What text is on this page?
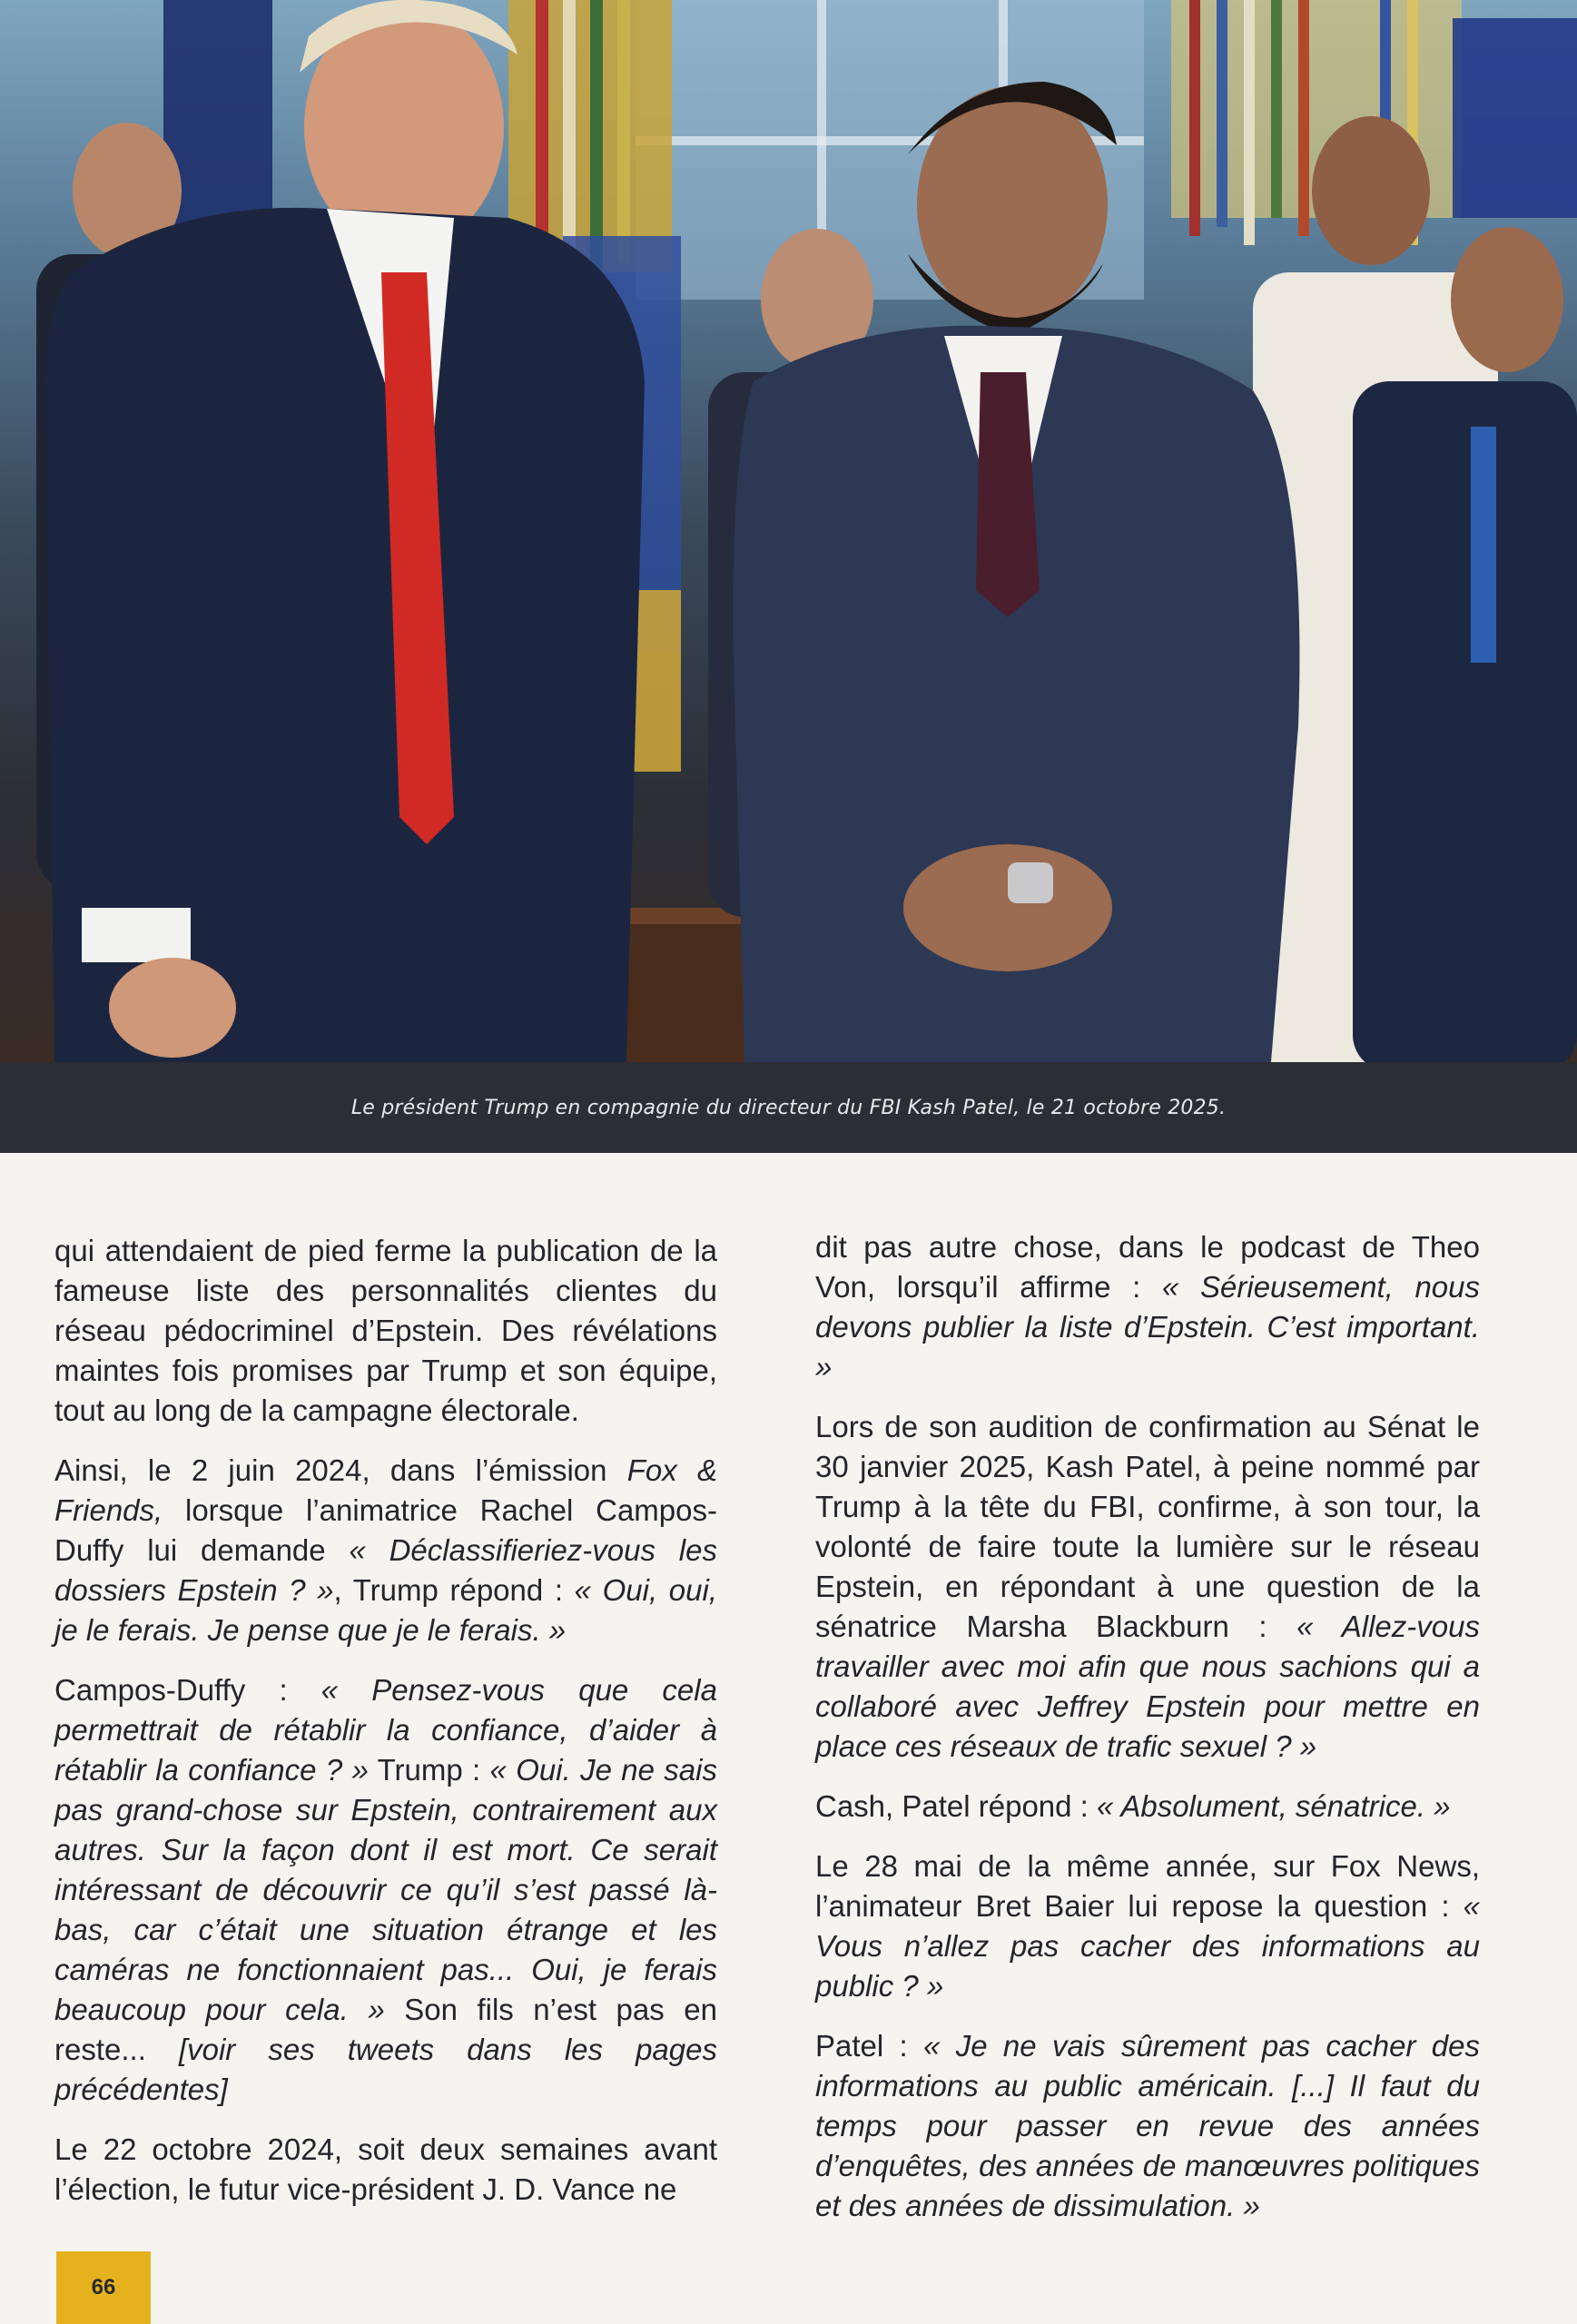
Le président Trump en compagnie du directeur du FBI Kash Patel, le 21 octobre 2025.

qui attendaient de pied ferme la publication de la fameuse liste des personnalités clientes du réseau pédocriminel d’Epstein. Des révélations maintes fois promises par Trump et son équipe, tout au long de la campagne électorale.

Ainsi, le 2 juin 2024, dans l’émission Fox & Friends, lorsque l’animatrice Rachel Campos-Duffy lui demande « Déclassifieriez-vous les dossiers Epstein ? », Trump répond : « Oui, oui, je le ferais. Je pense que je le ferais. »

Campos-Duffy : « Pensez-vous que cela permettrait de rétablir la confiance, d’aider à rétablir la confiance ? » Trump : « Oui. Je ne sais pas grand-chose sur Epstein, contrairement aux autres. Sur la façon dont il est mort. Ce serait intéressant de découvrir ce qu’il s’est passé là-bas, car c’était une situation étrange et les caméras ne fonctionnaient pas... Oui, je ferais beaucoup pour cela. » Son fils n’est pas en reste... [voir ses tweets dans les pages précédentes]

Le 22 octobre 2024, soit deux semaines avant l’élection, le futur vice-président J. D. Vance ne

dit pas autre chose, dans le podcast de Theo Von, lorsqu’il affirme : « Sérieusement, nous devons publier la liste d’Epstein. C’est important. »

Lors de son audition de confirmation au Sénat le 30 janvier 2025, Kash Patel, à peine nommé par Trump à la tête du FBI, confirme, à son tour, la volonté de faire toute la lumière sur le réseau Epstein, en répondant à une question de la sénatrice Marsha Blackburn : « Allez-vous travailler avec moi afin que nous sachions qui a collaboré avec Jeffrey Epstein pour mettre en place ces réseaux de trafic sexuel ? »

Cash, Patel répond : « Absolument, sénatrice. »

Le 28 mai de la même année, sur Fox News, l’animateur Bret Baier lui repose la question : « Vous n’allez pas cacher des informations au public ? »

Patel : « Je ne vais sûrement pas cacher des informations au public américain. [...] Il faut du temps pour passer en revue des années d’enquêtes, des années de manœuvres politiques et des années de dissimulation. »

66
